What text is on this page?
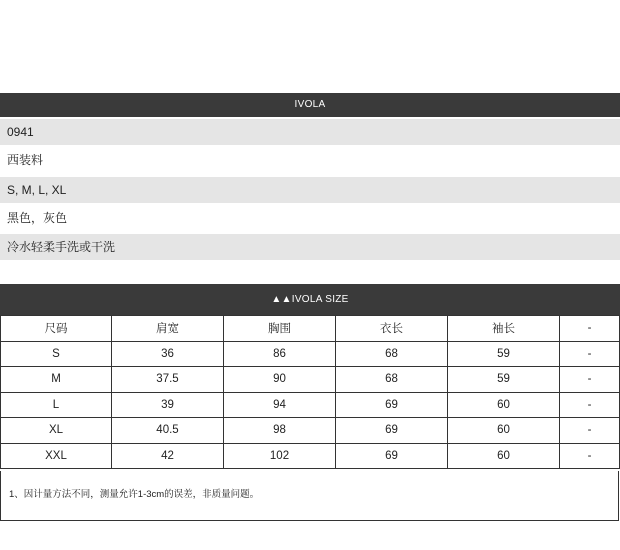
IVOLA
0941
西装料
S, M, L, XL
黑色，灰色
冷水轻柔手洗或干洗
▲▲IVOLA SIZE
尺码	肩宽	胸围	衣长	袖长	-
S	36	86	68	59	-
M	37.5	90	68	59	-
L	39	94	69	60	-
XL	40.5	98	69	60	-
XXL	42	102	69	60	-
1、因计量方法不同，测量允许1-3cm的误差，非质量问题。
